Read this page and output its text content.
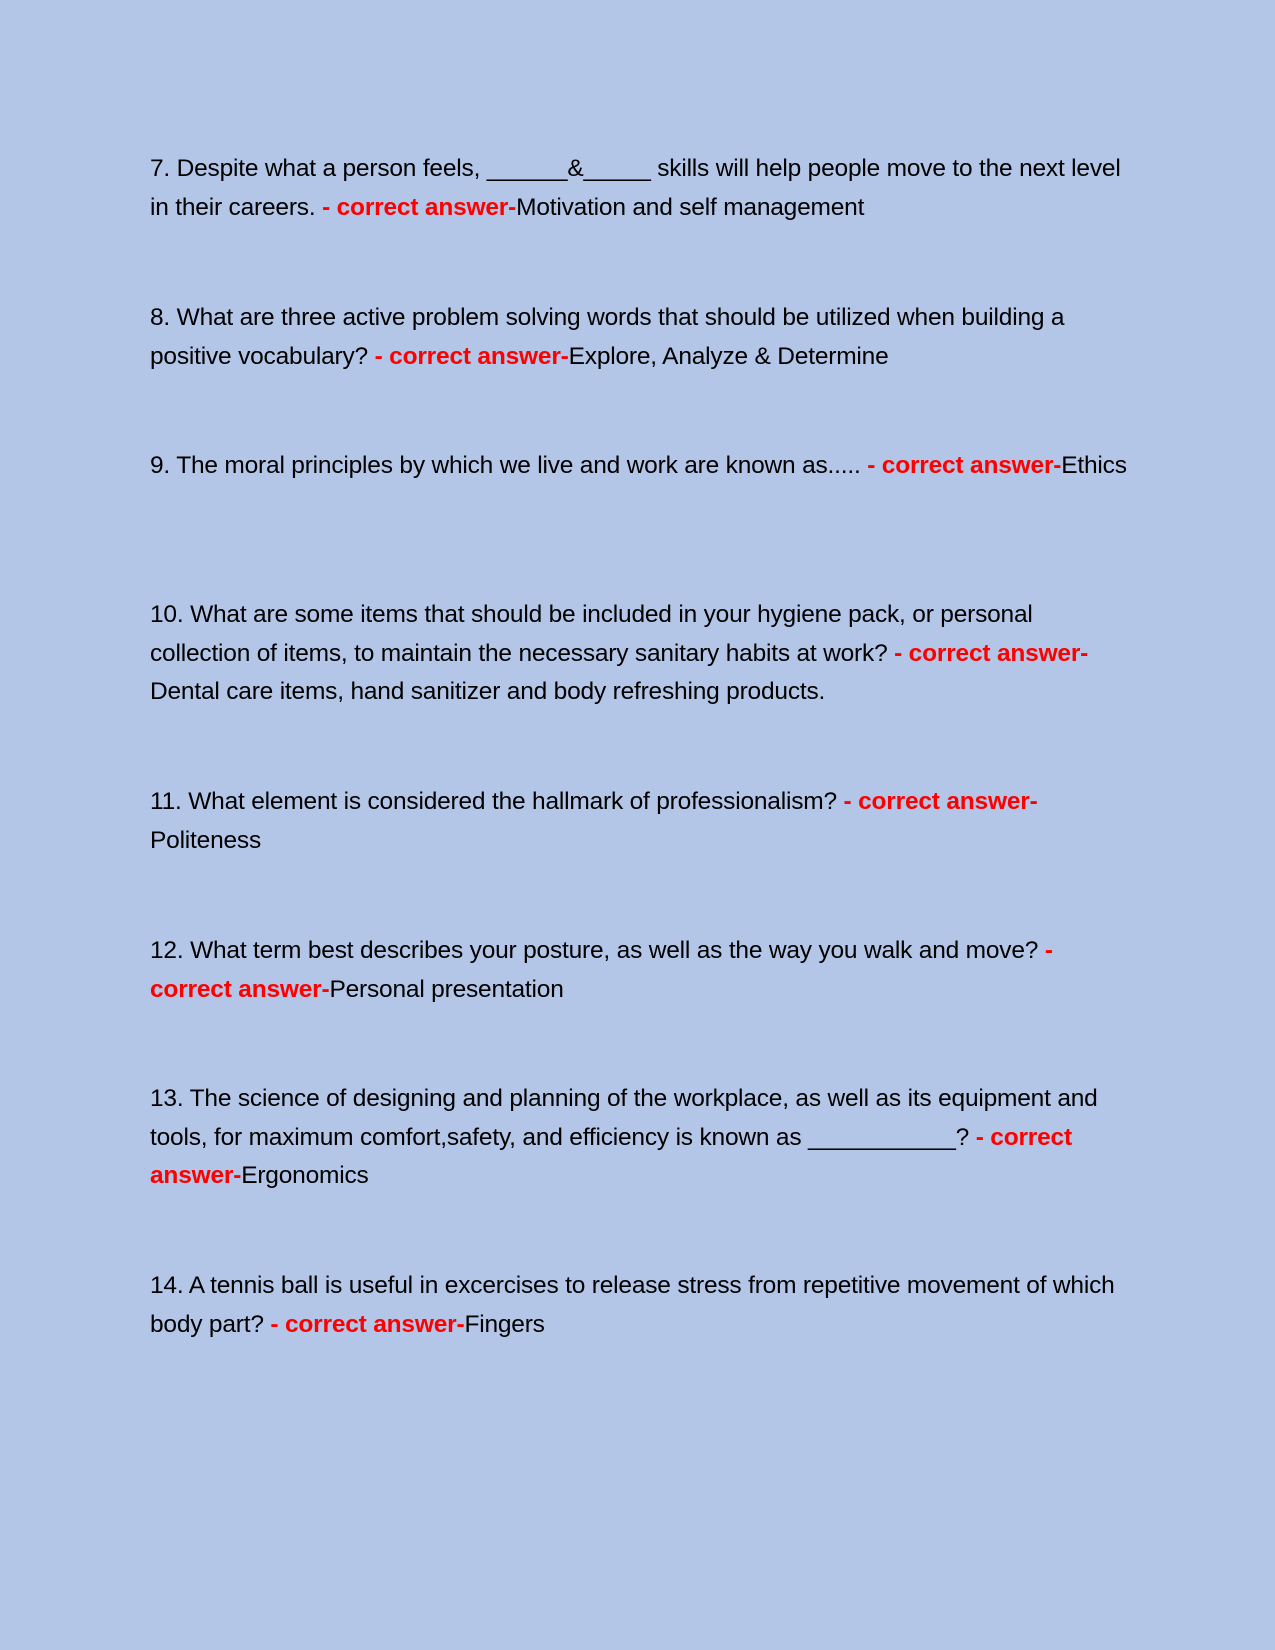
7. Despite what a person feels, ______&_____ skills will help people move to the next level in their careers. - correct answer-Motivation and self management
8. What are three active problem solving words that should be utilized when building a positive vocabulary? - correct answer-Explore, Analyze & Determine
9. The moral principles by which we live and work are known as..... - correct answer-Ethics
10. What are some items that should be included in your hygiene pack, or personal collection of items, to maintain the necessary sanitary habits at work? - correct answer-Dental care items, hand sanitizer and body refreshing products.
11. What element is considered the hallmark of professionalism? - correct answer-Politeness
12. What term best describes your posture, as well as the way you walk and move? - correct answer-Personal presentation
13. The science of designing and planning of the workplace, as well as its equipment and tools, for maximum comfort,safety, and efficiency is known as ___________? - correct answer-Ergonomics
14. A tennis ball is useful in excercises to release stress from repetitive movement of which body part? - correct answer-Fingers
